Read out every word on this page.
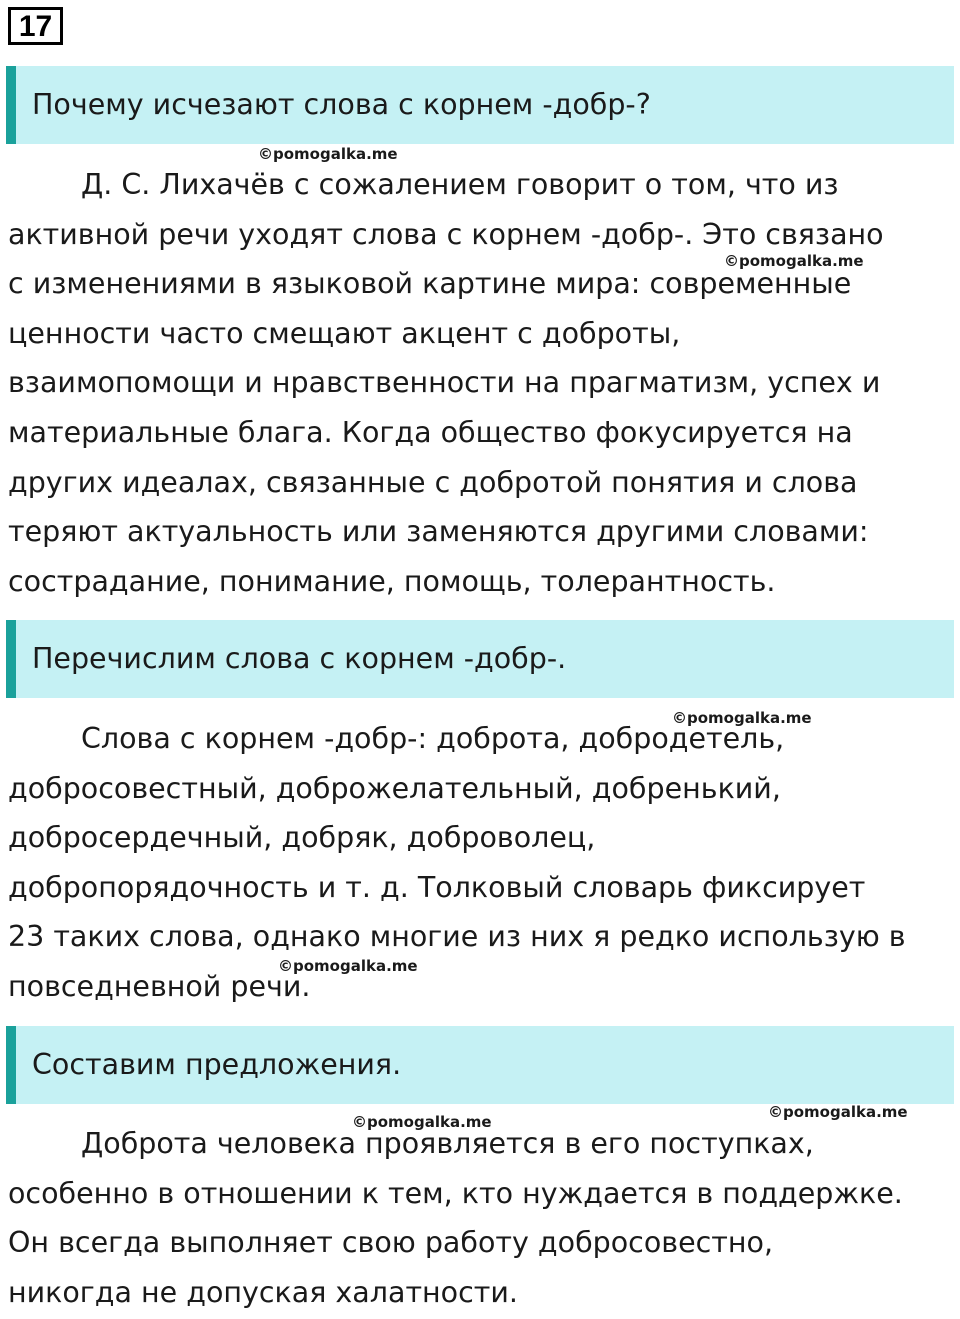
17
Почему исчезают слова с корнем -добр-?
©pomogalka.me
Д. С. Лихачёв с сожалением говорит о том, что из
активной речи уходят слова с корнем -добр-. Это связано
с изменениями в языковой картине мира: современные
ценности часто смещают акцент с доброты,
взаимопомощи и нравственности на прагматизм, успех и
материальные блага. Когда общество фокусируется на
других идеалах, связанные с добротой понятия и слова
теряют актуальность или заменяются другими словами:
сострадание, понимание, помощь, толерантность.
©pomogalka.me
Перечислим слова с корнем -добр-.
©pomogalka.me
Слова с корнем -добр-: доброта, добродетель,
добросовестный, доброжелательный, добренький,
добросердечный, добряк, доброволец,
добропорядочность и т. д. Толковый словарь фиксирует
23 таких слова, однако многие из них я редко использую в
повседневной речи.
©pomogalka.me
Составим предложения.
©pomogalka.me
©pomogalka.me
Доброта человека проявляется в его поступках,
особенно в отношении к тем, кто нуждается в поддержке.
Он всегда выполняет свою работу добросовестно,
никогда не допуская халатности.
